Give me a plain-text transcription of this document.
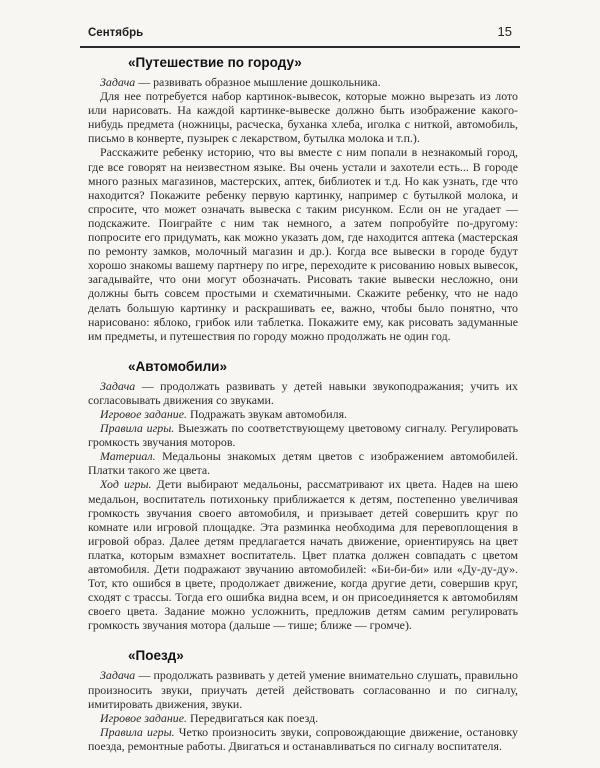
Сентябрь	15
«Путешествие по городу»

Задача — развивать образное мышление дошкольника.

Для нее потребуется набор картинок-вывесок, которые можно вырезать из лото или нарисовать. На каждой картинке-вывеске должно быть изображение какого-нибудь предмета (ножницы, расческа, буханка хлеба, иголка с ниткой, автомобиль, письмо в конверте, пузырек с лекарством, бутылка молока и т.п.).

Расскажите ребенку историю, что вы вместе с ним попали в незнакомый город, где все говорят на неизвестном языке. Вы очень устали и захотели есть... В городе много разных магазинов, мастерских, аптек, библиотек и т.д. Но как узнать, где что находится? Покажите ребенку первую картинку, например с бутылкой молока, и спросите, что может означать вывеска с таким рисунком. Если он не угадает — подскажите. Поиграйте с ним так немного, а затем попробуйте по-другому: попросите его придумать, как можно указать дом, где находится аптека (мастерская по ремонту замков, молочный магазин и др.). Когда все вывески в городе будут хорошо знакомы вашему партнеру по игре, переходите к рисованию новых вывесок, загадывайте, что они могут обозначать. Рисовать такие вывески несложно, они должны быть совсем простыми и схематичными. Скажите ребенку, что не надо делать большую картинку и раскрашивать ее, важно, чтобы было понятно, что нарисовано: яблоко, грибок или таблетка. Покажите ему, как рисовать задуманные им предметы, и путешествия по городу можно продолжать не один год.

«Автомобили»

Задача — продолжать развивать у детей навыки звукоподражания; учить их согласовывать движения со звуками.

Игровое задание. Подражать звукам автомобиля.

Правила игры. Выезжать по соответствующему цветовому сигналу. Регулировать громкость звучания моторов.

Материал. Медальоны знакомых детям цветов с изображением автомобилей. Платки такого же цвета.

Ход игры. Дети выбирают медальоны, рассматривают их цвета. Надев на шею медальон, воспитатель потихоньку приближается к детям, постепенно увеличивая громкость звучания своего автомобиля, и призывает детей совершить круг по комнате или игровой площадке. Эта разминка необходима для перевоплощения в игровой образ. Далее детям предлагается начать движение, ориентируясь на цвет платка, которым взмахнет воспитатель. Цвет платка должен совпадать с цветом автомобиля. Дети подражают звучанию автомобилей: «Би-би-би» или «Ду-ду-ду». Тот, кто ошибся в цвете, продолжает движение, когда другие дети, совершив круг, сходят с трассы. Тогда его ошибка видна всем, и он присоединяется к автомобилям своего цвета. Задание можно усложнить, предложив детям самим регулировать громкость звучания мотора (дальше — тише; ближе — громче).

«Поезд»

Задача — продолжать развивать у детей умение внимательно слушать, правильно произносить звуки, приучать детей действовать согласованно и по сигналу, имитировать движения, звуки.

Игровое задание. Передвигаться как поезд.

Правила игры. Четко произносить звуки, сопровождающие движение, остановку поезда, ремонтные работы. Двигаться и останавливаться по сигналу воспитателя.
